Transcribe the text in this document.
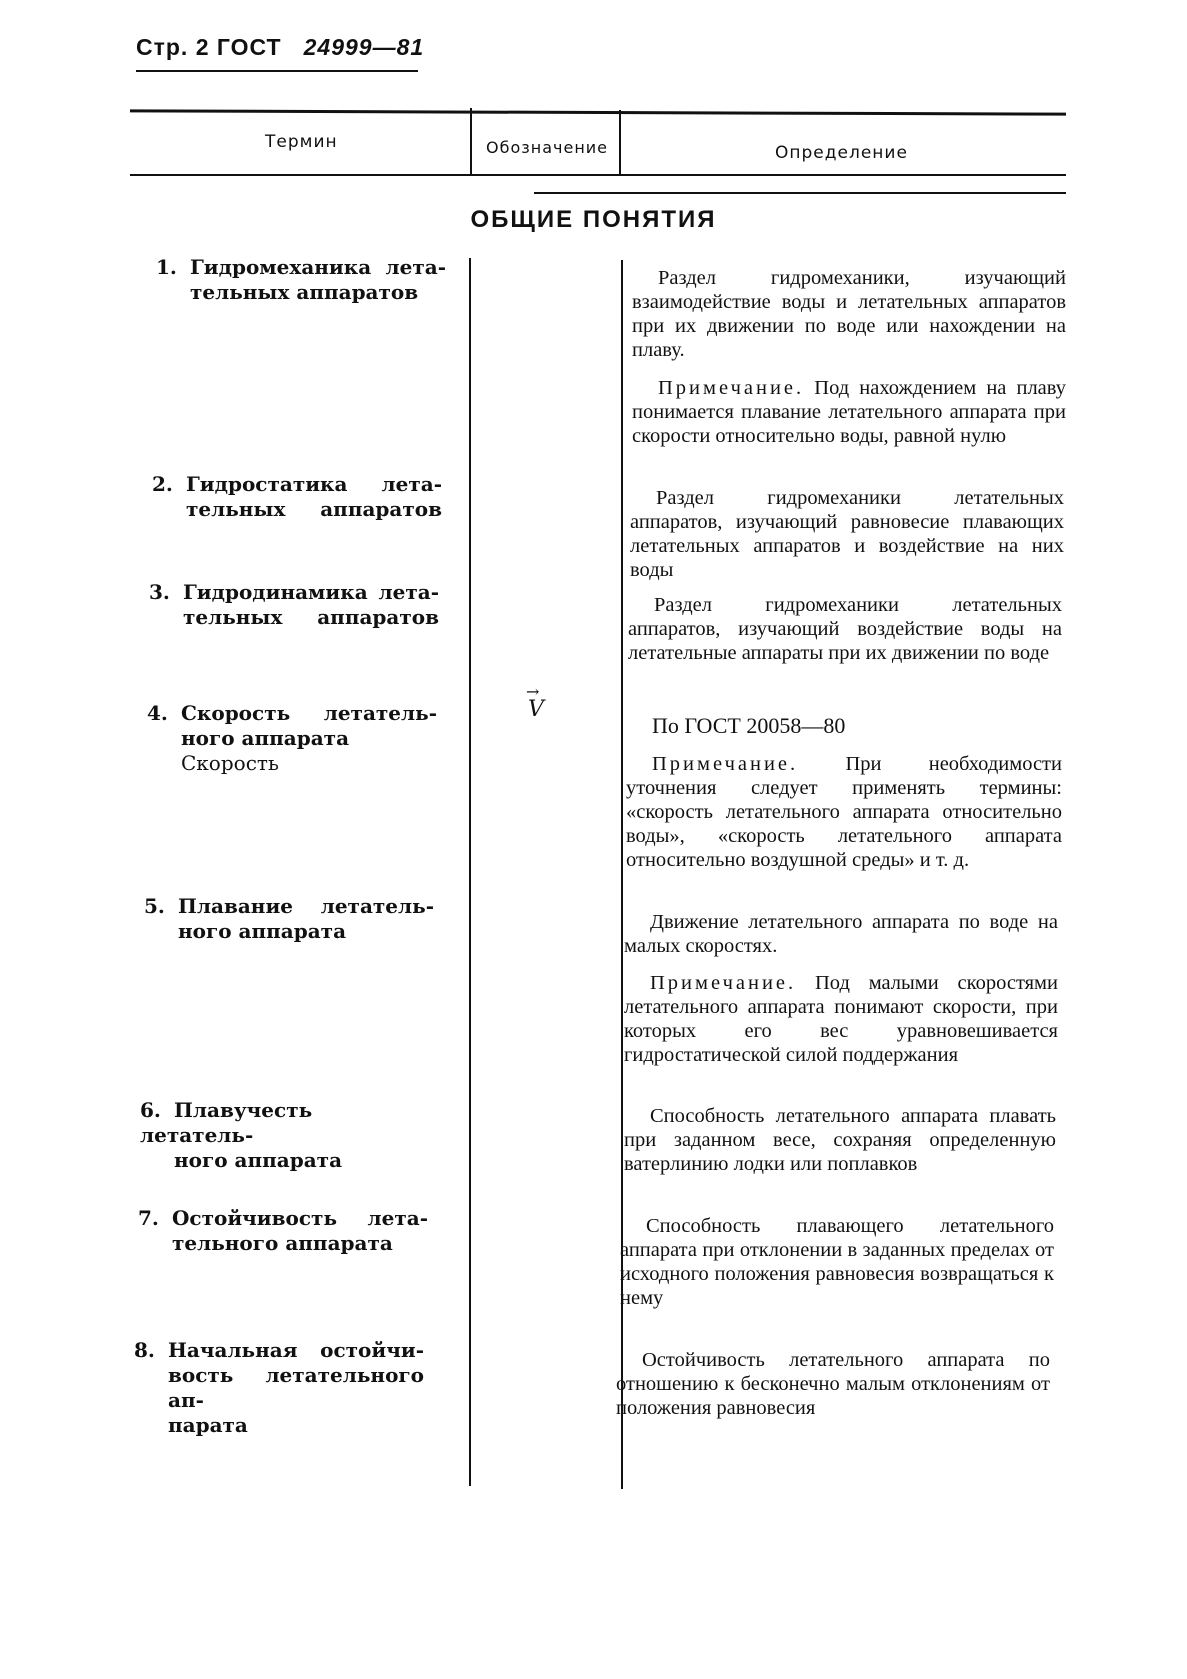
Стр. 2 ГОСТ 24999—81
Термин	Обозначение	Определение
ОБЩИЕ ПОНЯТИЯ
1. Гидромеханика лета-
тельных аппаратов
2. Гидростатика лета-
тельных аппаратов
3. Гидродинамика лета-
тельных аппаратов
4. Скорость летатель-
ного аппарата
Скорость
5. Плавание летатель-
ного аппарата
6. Плавучесть летатель-
ного аппарата
7. Остойчивость лета-
тельного аппарата
8. Начальная остойчи-
вость летательного ап-
парата
→
V

Раздел гидромеханики, изучающий взаимодействие воды и летательных аппаратов при их движении по воде или нахождении на плаву.

Примечание. Под нахождением на плаву понимается плавание летательного аппарата при скорости относительно воды, равной нулю

Раздел гидромеханики летательных аппаратов, изучающий равновесие плавающих летательных аппаратов и воздействие на них воды

Раздел гидромеханики летательных аппаратов, изучающий воздействие воды на летательные аппараты при их движении по воде

По ГОСТ 20058—80

Примечание. При необходимости уточнения следует применять термины: «скорость летательного аппарата относительно воды», «скорость летательного аппарата относительно воздушной среды» и т. д.

Движение летательного аппарата по воде на малых скоростях.

Примечание. Под малыми скоростями летательного аппарата понимают скорости, при которых его вес уравновешивается гидростатической силой поддержания

Способность летательного аппарата плавать при заданном весе, сохраняя определенную ватерлинию лодки или поплавков

Способность плавающего летательного аппарата при отклонении в заданных пределах от исходного положения равновесия возвращаться к нему

Остойчивость летательного аппарата по отношению к бесконечно малым отклонениям от положения равновесия
